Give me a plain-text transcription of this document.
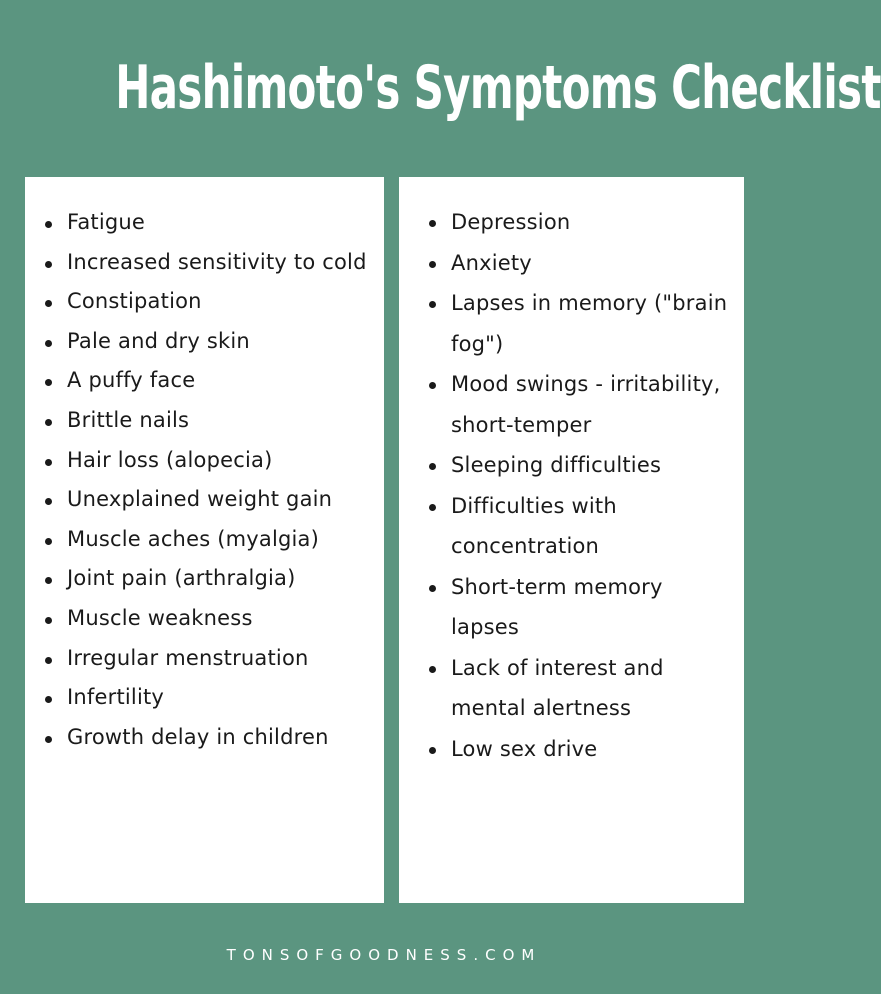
Hashimoto's Symptoms Checklist
Fatigue
Increased sensitivity to cold
Constipation
Pale and dry skin
A puffy face
Brittle nails
Hair loss (alopecia)
Unexplained weight gain
Muscle aches (myalgia)
Joint pain (arthralgia)
Muscle weakness
Irregular menstruation
Infertility
Growth delay in children
Depression
Anxiety
Lapses in memory ("brain fog")
Mood swings - irritability, short-temper
Sleeping difficulties
Difficulties with concentration
Short-term memory lapses
Lack of interest and mental alertness
Low sex drive
TONSOFGOODNESS.COM
